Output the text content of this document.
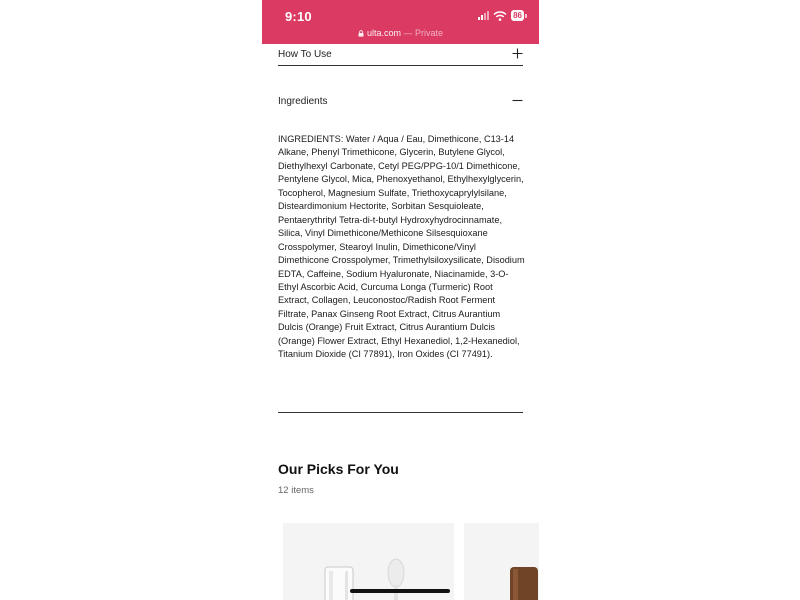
9:10	86
ulta.com — Private
How To Use
Ingredients

INGREDIENTS: Water / Aqua / Eau, Dimethicone, C13-14 Alkane, Phenyl Trimethicone, Glycerin, Butylene Glycol, Diethylhexyl Carbonate, Cetyl PEG/PPG-10/1 Dimethicone, Pentylene Glycol, Mica, Phenoxyethanol, Ethylhexylglycerin, Tocopherol, Magnesium Sulfate, Triethoxycaprylylsilane, Disteardimonium Hectorite, Sorbitan Sesquioleate, Pentaerythrityl Tetra-di-t-butyl Hydroxyhydrocinnamate, Silica, Vinyl Dimethicone/Methicone Silsesquioxane Crosspolymer, Stearoyl Inulin, Dimethicone/Vinyl Dimethicone Crosspolymer, Trimethylsiloxysilicate, Disodium EDTA, Caffeine, Sodium Hyaluronate, Niacinamide, 3-O-Ethyl Ascorbic Acid, Curcuma Longa (Turmeric) Root Extract, Collagen, Leuconostoc/Radish Root Ferment Filtrate, Panax Ginseng Root Extract, Citrus Aurantium Dulcis (Orange) Fruit Extract, Citrus Aurantium Dulcis (Orange) Flower Extract, Ethyl Hexanediol, 1,2-Hexanediol, Titanium Dioxide (CI 77891), Iron Oxides (CI 77491).

Our Picks For You
12 items
